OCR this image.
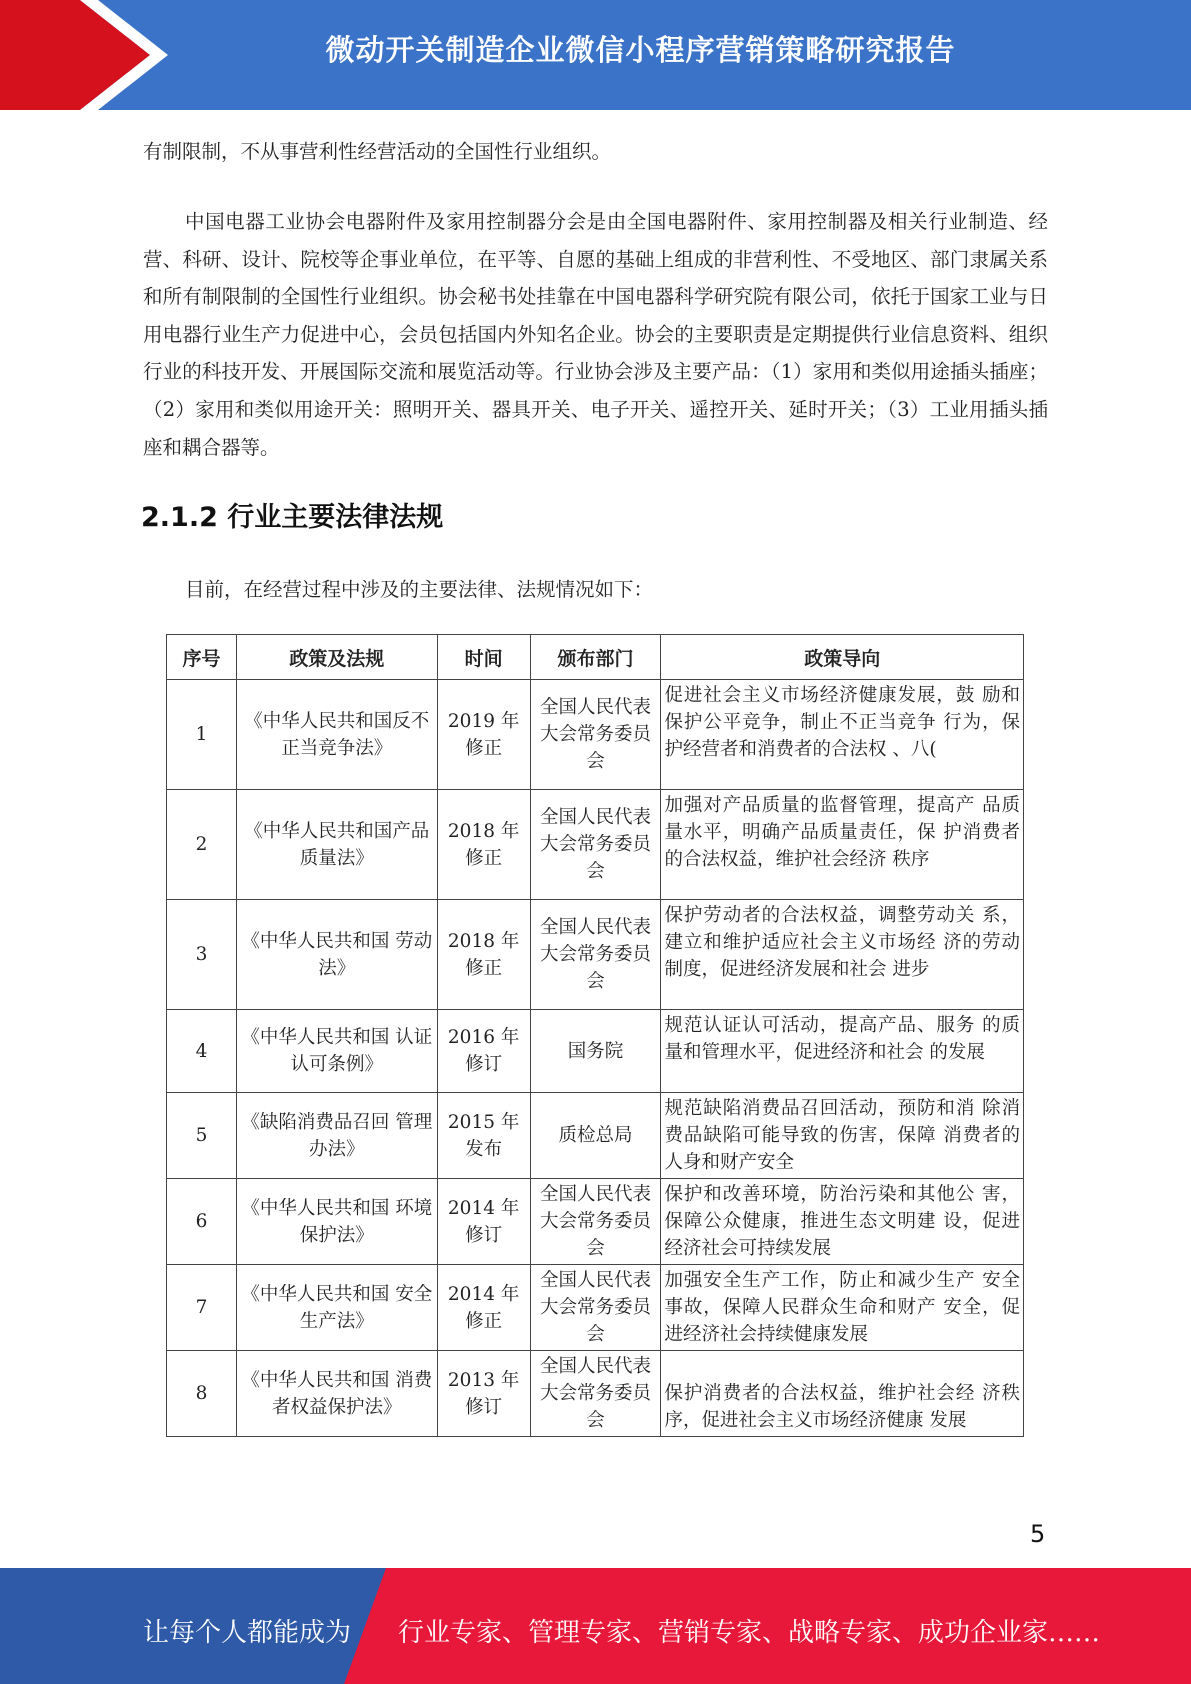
微动开关制造企业微信小程序营销策略研究报告
有制限制，不从事营利性经营活动的全国性行业组织。
中国电器工业协会电器附件及家用控制器分会是由全国电器附件、家用控制器及相关行业制造、经营、科研、设计、院校等企事业单位，在平等、自愿的基础上组成的非营利性、不受地区、部门隶属关系和所有制限制的全国性行业组织。协会秘书处挂靠在中国电器科学研究院有限公司，依托于国家工业与日用电器行业生产力促进中心，会员包括国内外知名企业。协会的主要职责是定期提供行业信息资料、组织行业的科技开发、开展国际交流和展览活动等。行业协会涉及主要产品：（1）家用和类似用途插头插座；（2）家用和类似用途开关：照明开关、器具开关、电子开关、遥控开关、延时开关；（3）工业用插头插座和耦合器等。
2.1.2 行业主要法律法规
目前，在经营过程中涉及的主要法律、法规情况如下：
序号	政策及法规	时间	颁布部门	政策导向
1	《中华人民共和国反不正当竞争法》	2019 年修正	全国人民代表大会常务委员会	促进社会主义市场经济健康发展，鼓 励和保护公平竞争，制止不正当竞争 行为，保护经营者和消费者的合法权 、八(
2	《中华人民共和国产品质量法》	2018 年修正	全国人民代表大会常务委员会	加强对产品质量的监督管理，提高产 品质量水平，明确产品质量责任，保 护消费者的合法权益，维护社会经济 秩序
3	《中华人民共和国 劳动法》	2018 年修正	全国人民代表大会常务委员会	保护劳动者的合法权益，调整劳动关 系，建立和维护适应社会主义市场经 济的劳动制度，促进经济发展和社会 进步
4	《中华人民共和国 认证认可条例》	2016 年修订	国务院	规范认证认可活动，提高产品、服务 的质量和管理水平，促进经济和社会 的发展
5	《缺陷消费品召回 管理办法》	2015 年发布	质检总局	规范缺陷消费品召回活动，预防和消 除消费品缺陷可能导致的伤害，保障 消费者的人身和财产安全
6	《中华人民共和国 环境保护法》	2014 年修订	全国人民代表大会常务委员会	保护和改善环境，防治污染和其他公 害，保障公众健康，推进生态文明建 设，促进经济社会可持续发展
7	《中华人民共和国 安全生产法》	2014 年修正	全国人民代表大会常务委员会	加强安全生产工作，防止和减少生产 安全事故，保障人民群众生命和财产 安全，促进经济社会持续健康发展
8	《中华人民共和国 消费者权益保护法》	2013 年修订	全国人民代表大会常务委员会	保护消费者的合法权益，维护社会经 济秩序，促进社会主义市场经济健康 发展
5
让每个人都能成为 行业专家、管理专家、营销专家、战略专家、成功企业家……
